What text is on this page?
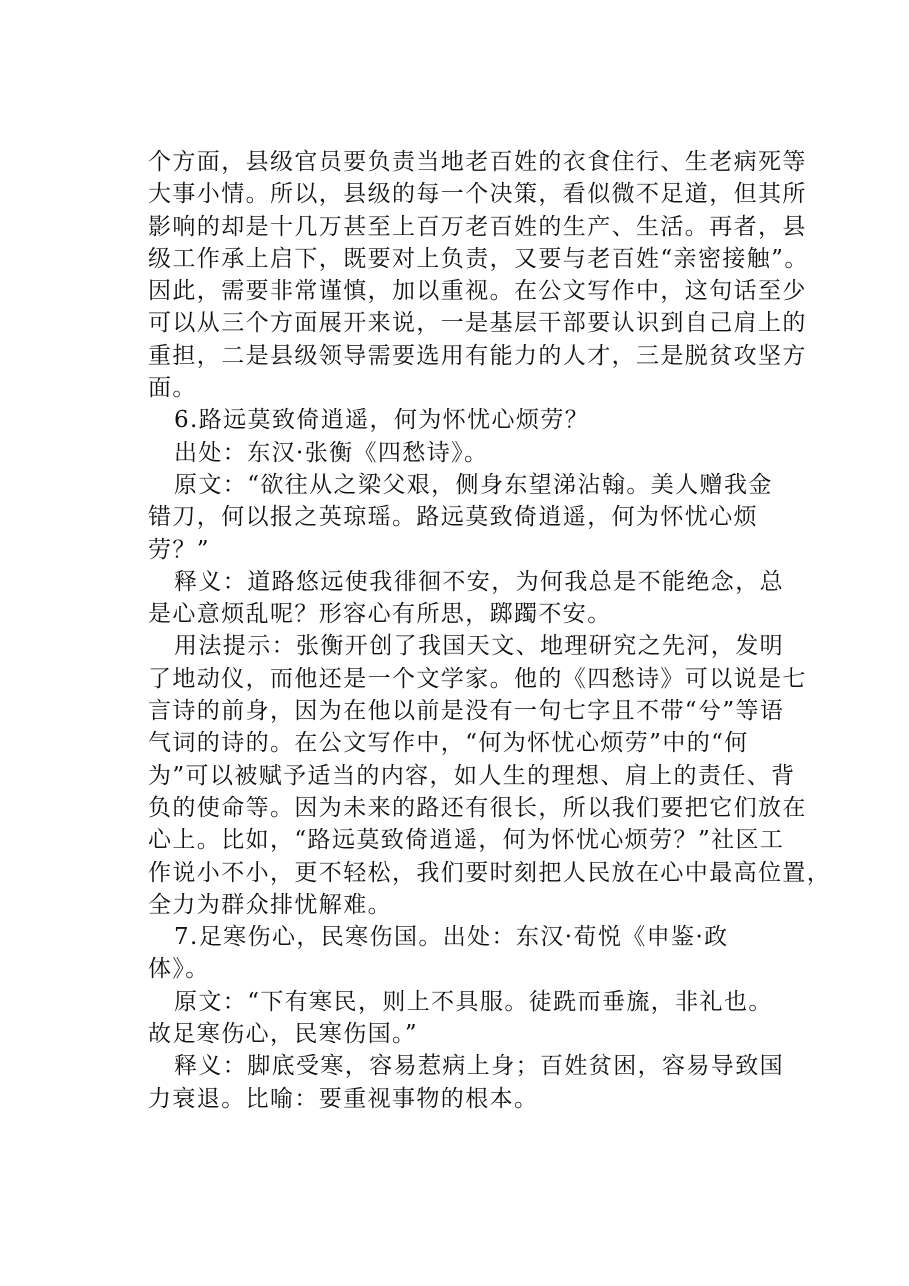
个方面，县级官员要负责当地老百姓的衣食住行、生老病死等
大事小情。所以，县级的每一个决策，看似微不足道，但其所
影响的却是十几万甚至上百万老百姓的生产、生活。再者，县
级工作承上启下，既要对上负责，又要与老百姓“亲密接触”。
因此，需要非常谨慎，加以重视。在公文写作中，这句话至少
可以从三个方面展开来说，一是基层干部要认识到自己肩上的
重担，二是县级领导需要选用有能力的人才，三是脱贫攻坚方
面。
6.路远莫致倚逍遥，何为怀忧心烦劳？
出处：东汉·张衡《四愁诗》。
原文：“欲往从之梁父艰，侧身东望涕沾翰。美人赠我金
错刀，何以报之英琼瑶。路远莫致倚逍遥，何为怀忧心烦
劳？”
释义：道路悠远使我徘徊不安，为何我总是不能绝念，总
是心意烦乱呢？形容心有所思，踯躅不安。
用法提示：张衡开创了我国天文、地理研究之先河，发明
了地动仪，而他还是一个文学家。他的《四愁诗》可以说是七
言诗的前身，因为在他以前是没有一句七字且不带“兮”等语
气词的诗的。在公文写作中，“何为怀忧心烦劳”中的“何
为”可以被赋予适当的内容，如人生的理想、肩上的责任、背
负的使命等。因为未来的路还有很长，所以我们要把它们放在
心上。比如，“路远莫致倚逍遥，何为怀忧心烦劳？”社区工
作说小不小，更不轻松，我们要时刻把人民放在心中最高位置，
全力为群众排忧解难。
7.足寒伤心，民寒伤国。出处：东汉·荀悦《申鉴·政
体》。
原文：“下有寒民，则上不具服。徒跣而垂旒，非礼也。
故足寒伤心，民寒伤国。”
释义：脚底受寒，容易惹病上身；百姓贫困，容易导致国
力衰退。比喻：要重视事物的根本。
